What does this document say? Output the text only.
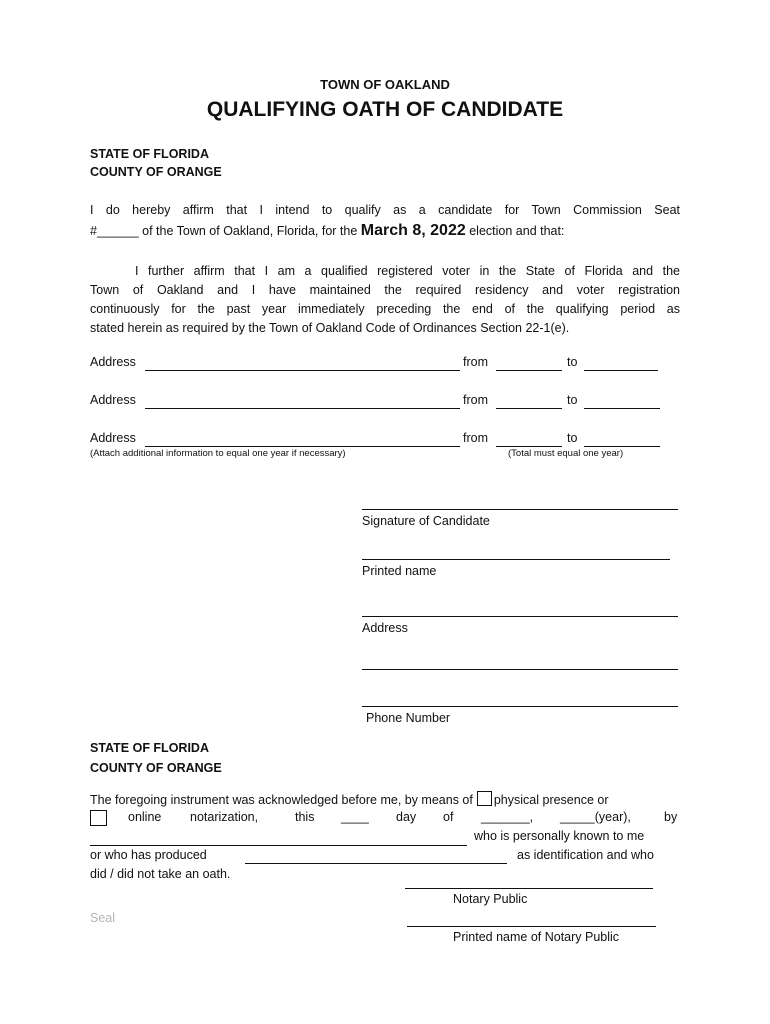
TOWN OF OAKLAND
QUALIFYING OATH OF CANDIDATE
STATE OF FLORIDA
COUNTY OF ORANGE
I do hereby affirm that I intend to qualify as a candidate for Town Commission Seat
#______ of the Town of Oakland, Florida, for the March 8, 2022 election and that:
I further affirm that I am a qualified registered voter in the State of Florida and the
Town of Oakland and I have maintained the required residency and voter registration
continuously for the past year immediately preceding the end of the qualifying period as
stated herein as required by the Town of Oakland Code of Ordinances Section 22-1(e).
Address	from	to
Address	from	to
Address	from	to
(Attach additional information to equal one year if necessary)	(Total must equal one year)
Signature of Candidate
Printed name
Address
Phone Number
STATE OF FLORIDA
COUNTY OF ORANGE
The foregoing instrument was acknowledged before me, by means of physical presence or
online notarization,	this ____ day of _______, _____(year),	by
who is personally known to me
or who has produced	as identification and who
did / did not take an oath.
Notary Public
Seal
Printed name of Notary Public
